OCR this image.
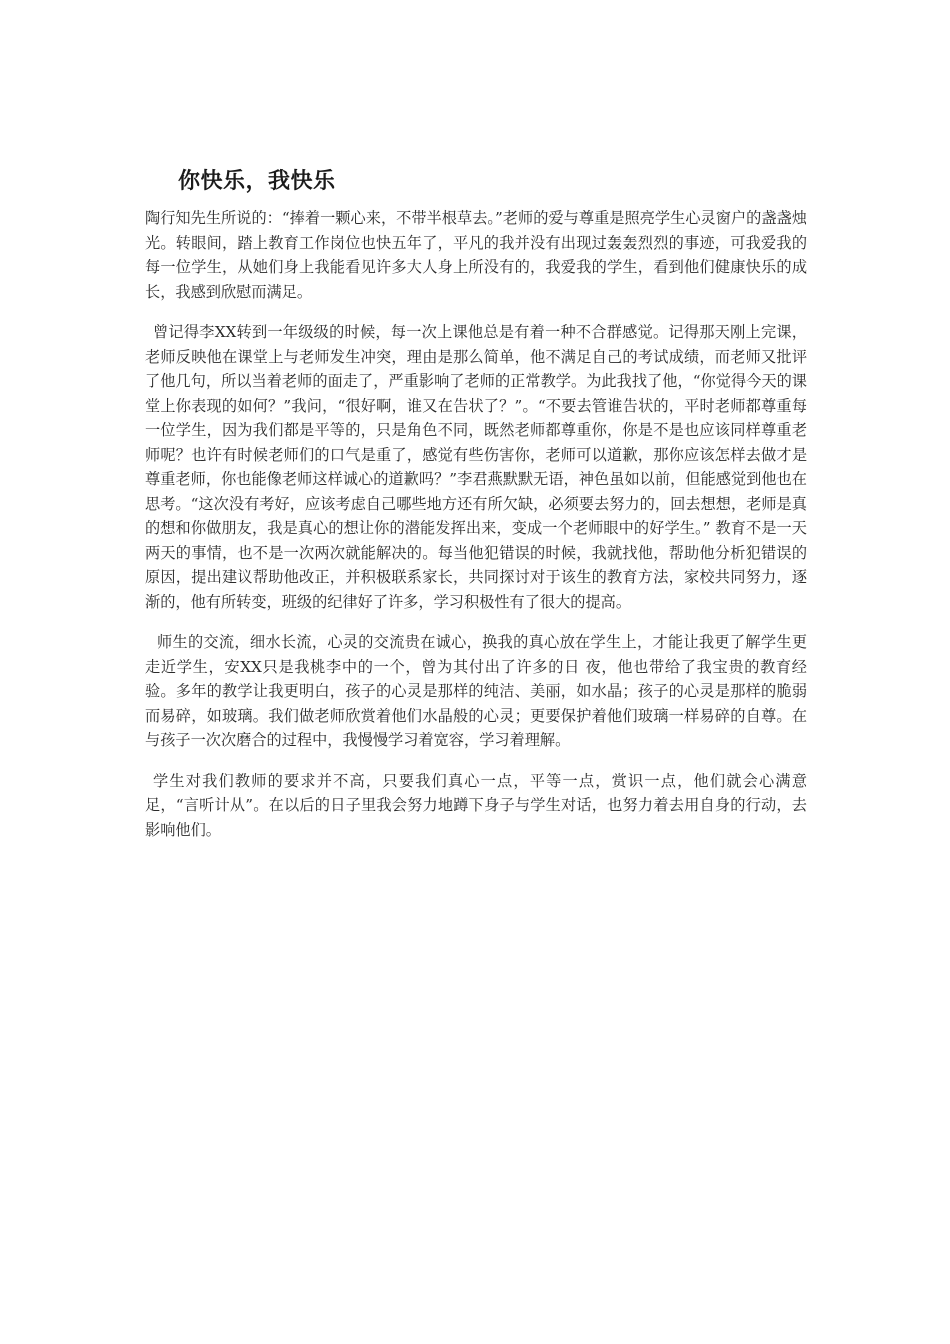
你快乐，我快乐

陶行知先生所说的：“捧着一颗心来，不带半根草去。”老师的爱与尊重是照亮学生心灵窗户的盏盏烛光。转眼间，踏上教育工作岗位也快五年了，平凡的我并没有出现过轰轰烈烈的事迹，可我爱我的每一位学生，从她们身上我能看见许多大人身上所没有的，我爱我的学生，看到他们健康快乐的成长，我感到欣慰而满足。

曾记得李XX转到一年级级的时候，每一次上课他总是有着一种不合群感觉。记得那天刚上完课，老师反映他在课堂上与老师发生冲突，理由是那么简单，他不满足自己的考试成绩，而老师又批评了他几句，所以当着老师的面走了，严重影响了老师的正常教学。为此我找了他，“你觉得今天的课堂上你表现的如何？”我问，“很好啊，谁又在告状了？”。“不要去管谁告状的，平时老师都尊重每一位学生，因为我们都是平等的，只是角色不同，既然老师都尊重你，你是不是也应该同样尊重老师呢？也许有时候老师们的口气是重了，感觉有些伤害你，老师可以道歉，那你应该怎样去做才是尊重老师，你也能像老师这样诚心的道歉吗？”李君燕默默无语，神色虽如以前，但能感觉到他也在思考。“这次没有考好，应该考虑自己哪些地方还有所欠缺，必须要去努力的，回去想想，老师是真的想和你做朋友，我是真心的想让你的潜能发挥出来，变成一个老师眼中的好学生。” 教育不是一天两天的事情，也不是一次两次就能解决的。每当他犯错误的时候，我就找他，帮助他分析犯错误的原因，提出建议帮助他改正，并积极联系家长，共同探讨对于该生的教育方法，家校共同努力，逐渐的，他有所转变，班级的纪律好了许多，学习积极性有了很大的提高。

师生的交流，细水长流，心灵的交流贵在诚心，换我的真心放在学生上，才能让我更了解学生更走近学生，安XX只是我桃李中的一个，曾为其付出了许多的日 夜，他也带给了我宝贵的教育经验。多年的教学让我更明白，孩子的心灵是那样的纯洁、美丽，如水晶；孩子的心灵是那样的脆弱而易碎，如玻璃。我们做老师欣赏着他们水晶般的心灵；更要保护着他们玻璃一样易碎的自尊。在与孩子一次次磨合的过程中，我慢慢学习着宽容，学习着理解。

学生对我们教师的要求并不高，只要我们真心一点，平等一点，赏识一点，他们就会心满意足，“言听计从”。在以后的日子里我会努力地蹲下身子与学生对话，也努力着去用自身的行动，去影响他们。
